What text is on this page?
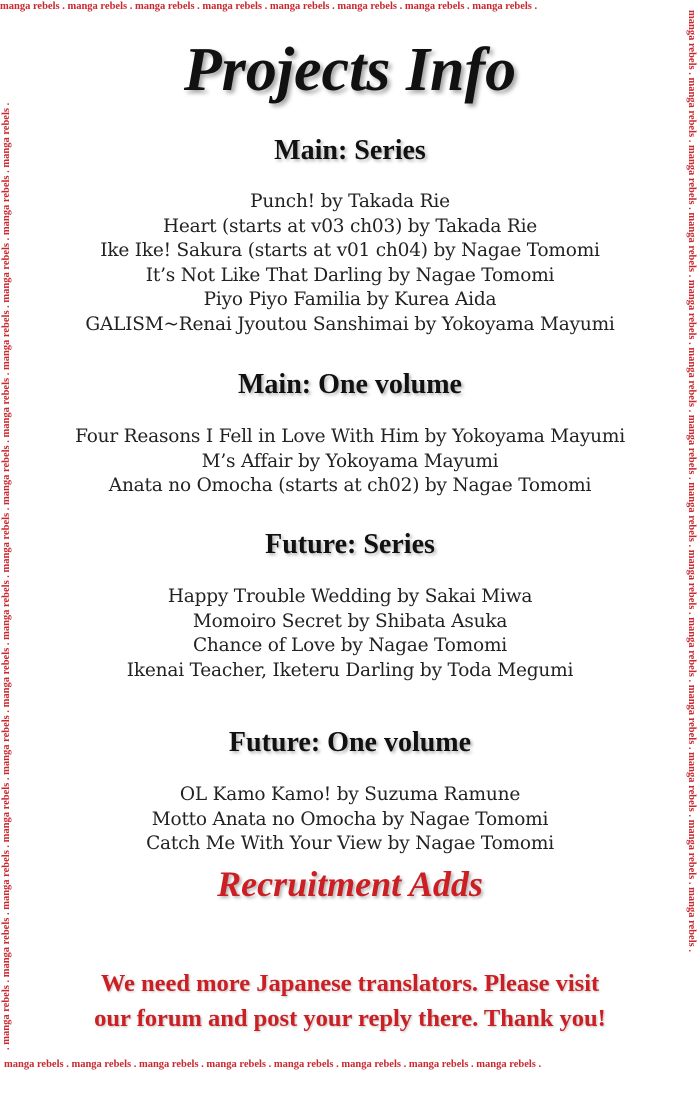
manga rebels . manga rebels . manga rebels . manga rebels . manga rebels . manga rebels . manga rebels . manga rebels .
manga rebels . manga rebels . manga rebels . manga rebels . manga rebels . manga rebels . manga rebels . manga rebels .
. manga rebels . manga rebels . manga rebels . manga rebels . manga rebels . manga rebels . manga rebels . manga rebels . manga rebels . manga rebels . manga rebels . manga rebels . manga rebels . manga rebels .	manga rebels . manga rebels . manga rebels . manga rebels . manga rebels . manga rebels . manga rebels . manga rebels . manga rebels . manga rebels . manga rebels . manga rebels . manga rebels . manga rebels .
Projects Info
Main: Series
Punch! by Takada Rie
Heart (starts at v03 ch03) by Takada Rie
Ike Ike! Sakura (starts at v01 ch04) by Nagae Tomomi
It’s Not Like That Darling by Nagae Tomomi
Piyo Piyo Familia by Kurea Aida
GALISM~Renai Jyoutou Sanshimai by Yokoyama Mayumi
Main: One volume
Four Reasons I Fell in Love With Him by Yokoyama Mayumi
M’s Affair by Yokoyama Mayumi
Anata no Omocha (starts at ch02) by Nagae Tomomi
Future: Series
Happy Trouble Wedding by Sakai Miwa
Momoiro Secret by Shibata Asuka
Chance of Love by Nagae Tomomi
Ikenai Teacher, Iketeru Darling by Toda Megumi
Future: One volume
OL Kamo Kamo! by Suzuma Ramune
Motto Anata no Omocha by Nagae Tomomi
Catch Me With Your View by Nagae Tomomi
Recruitment Adds
We need more Japanese translators. Please visit
our forum and post your reply there. Thank you!
